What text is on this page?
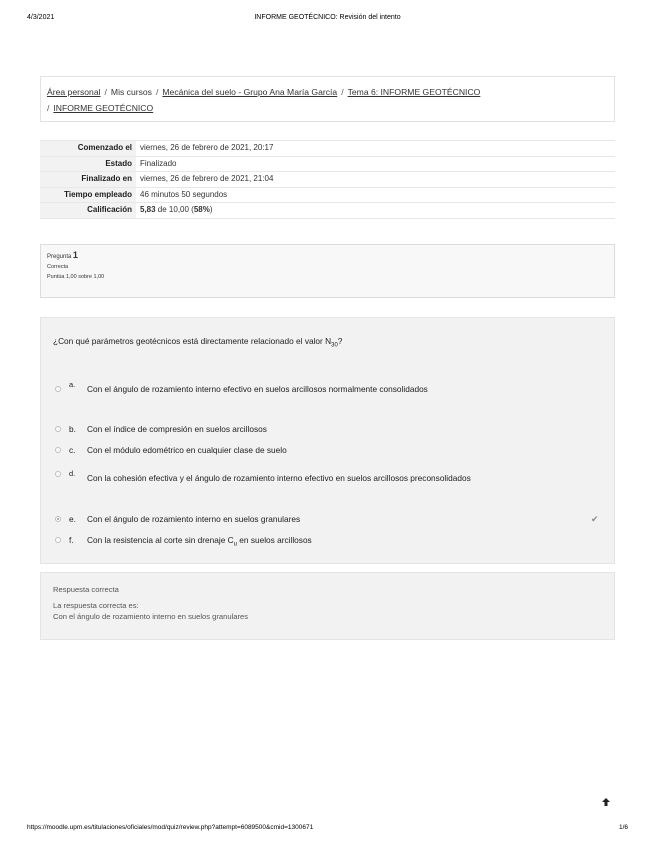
4/3/2021	INFORME GEOTÉCNICO: Revisión del intento
Área personal / Mis cursos / Mecánica del suelo - Grupo Ana María García / Tema 6: INFORME GEOTÉCNICO
/ INFORME GEOTÉCNICO
Comenzado el	viernes, 26 de febrero de 2021, 20:17
Estado	Finalizado
Finalizado en	viernes, 26 de febrero de 2021, 21:04
Tiempo empleado	46 minutos 50 segundos
Calificación	5,83 de 10,00 (58%)
Pregunta 1
Correcta
Puntúa 1,00 sobre 1,00
¿Con qué parámetros geotécnicos está directamente relacionado el valor $N_{30}$?
a. Con el ángulo de rozamiento interno efectivo en suelos arcillosos normalmente consolidados
b. Con el índice de compresión en suelos arcillosos
c. Con el módulo edométrico en cualquier clase de suelo
d. Con la cohesión efectiva y el ángulo de rozamiento interno efectivo en suelos arcillosos preconsolidados
e. Con el ángulo de rozamiento interno en suelos granulares	✔
f. Con la resistencia al corte sin drenaje $C_u$ en suelos arcillosos
Respuesta correcta
La respuesta correcta es:
Con el ángulo de rozamiento interno en suelos granulares
https://moodle.upm.es/titulaciones/oficiales/mod/quiz/review.php?attempt=6089500&cmid=1300671	1/6
